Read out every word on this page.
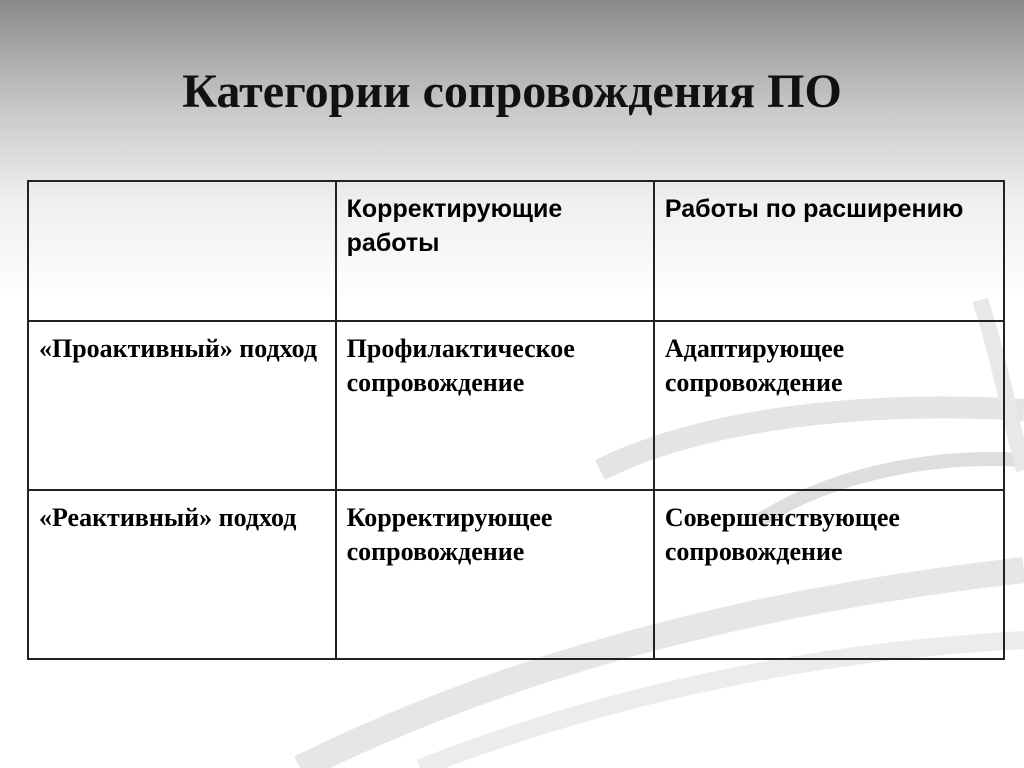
Категории сопровождения ПО
	Корректирующие работы	Работы по расширению
«Проактивный» подход	Профилактическое сопровождение	Адаптирующее сопровождение
«Реактивный» подход	Корректирующее сопровождение	Совершенствующее сопровождение
